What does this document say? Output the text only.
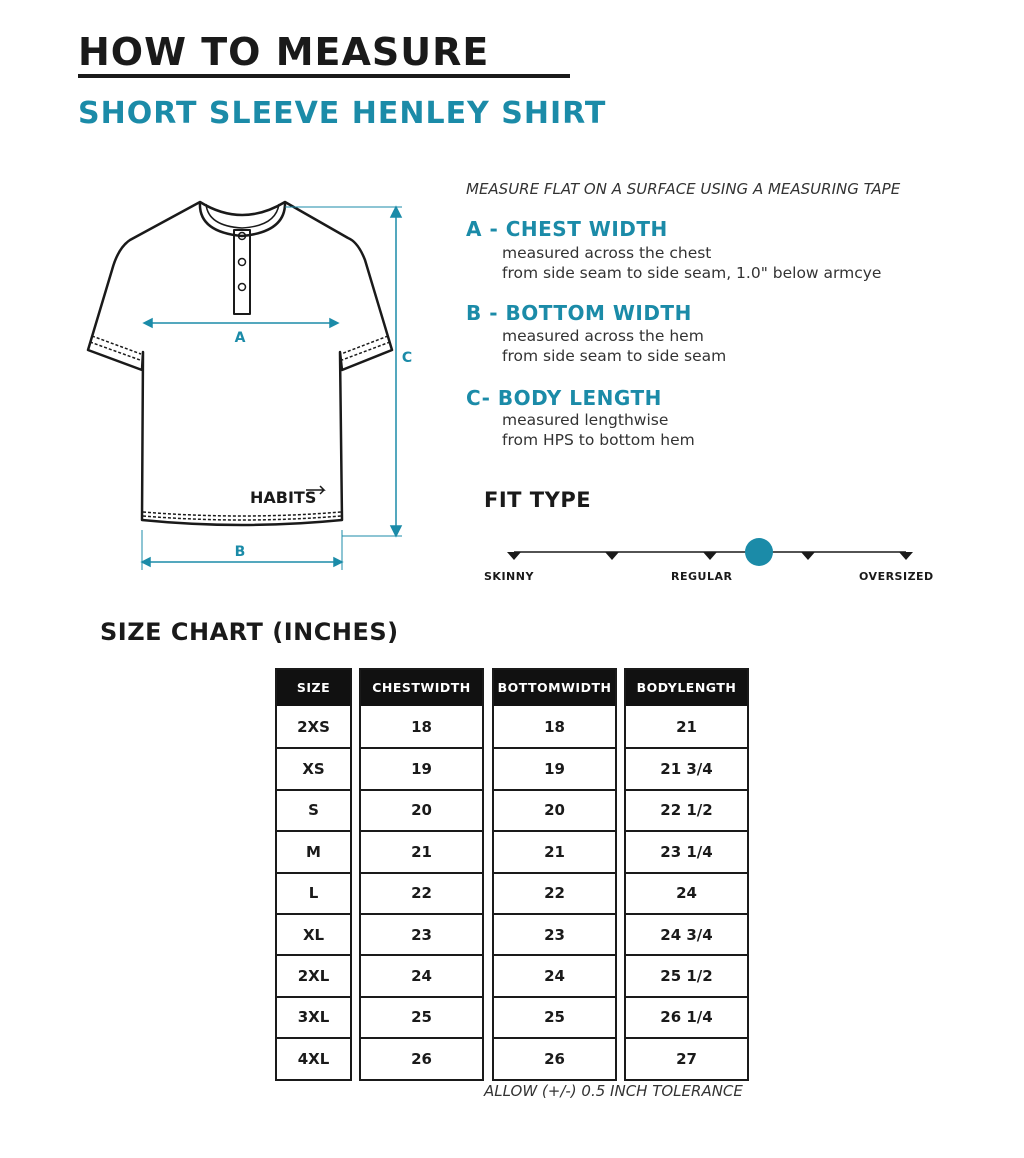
HOW TO MEASURE
SHORT SLEEVE HENLEY SHIRT
A
B
C
HABITS
MEASURE FLAT ON A SURFACE USING A MEASURING TAPE
A - CHEST WIDTH
measured across the chest
from side seam to side seam, 1.0" below armcye
B - BOTTOM WIDTH
measured across the hem
from side seam to side seam
C- BODY LENGTH
measured lengthwise
from HPS to bottom hem
FIT TYPE
SKINNY	REGULAR	OVERSIZED
SIZE CHART (INCHES)
SIZE
2XS
XS
S
M
L
XL
2XL
3XL
4XL
CHEST WIDTH
18
19
20
21
22
23
24
25
26
BOTTOM WIDTH
18
19
20
21
22
23
24
25
26
BODY LENGTH
21
21 3/4
22 1/2
23 1/4
24
24 3/4
25 1/2
26 1/4
27
ALLOW (+/-) 0.5 INCH TOLERANCE
